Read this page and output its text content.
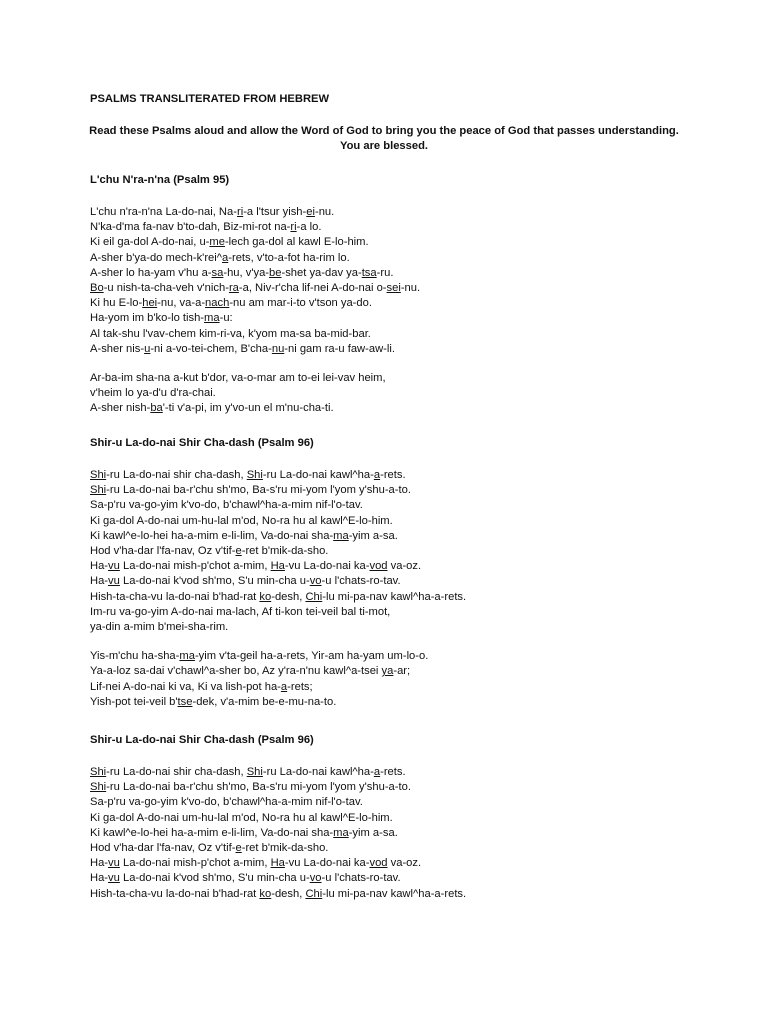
PSALMS TRANSLITERATED FROM HEBREW
Read these Psalms aloud and allow the Word of God to bring you the peace of God that passes understanding.
You are blessed.
L'chu N'ra-n'na (Psalm 95)
L'chu n'ra-n'na La-do-nai, Na-ri-a l'tsur yish-ei-nu.
N'ka-d'ma fa-nav b'to-dah, Biz-mi-rot na-ri-a lo.
Ki eil ga-dol A-do-nai, u-me-lech ga-dol al kawl E-lo-him.
A-sher b'ya-do mech-k'rei^a-rets, v'to-a-fot ha-rim lo.
A-sher lo ha-yam v'hu a-sa-hu, v'ya-be-shet ya-dav ya-tsa-ru.
Bo-u nish-ta-cha-veh v'nich-ra-a, Niv-r'cha lif-nei A-do-nai o-sei-nu.
Ki hu E-lo-hei-nu, va-a-nach-nu am mar-i-to v'tson ya-do.
Ha-yom im b'ko-lo tish-ma-u:
Al tak-shu l'vav-chem kim-ri-va, k'yom ma-sa ba-mid-bar.
A-sher nis-u-ni a-vo-tei-chem, B'cha-nu-ni gam ra-u faw-aw-li.
Ar-ba-im sha-na a-kut b'dor, va-o-mar am to-ei lei-vav heim,
v'heim lo ya-d'u d'ra-chai.
A-sher nish-ba'-ti v'a-pi, im y'vo-un el m'nu-cha-ti.
Shir-u La-do-nai Shir Cha-dash (Psalm 96)
Shi-ru La-do-nai shir cha-dash, Shi-ru La-do-nai kawl^ha-a-rets.
Shi-ru La-do-nai ba-r'chu sh'mo, Ba-s'ru mi-yom l'yom y'shu-a-to.
Sa-p'ru va-go-yim k'vo-do, b'chawl^ha-a-mim nif-l'o-tav.
Ki ga-dol A-do-nai um-hu-lal m'od, No-ra hu al kawl^E-lo-him.
Ki kawl^e-lo-hei ha-a-mim e-li-lim, Va-do-nai sha-ma-yim a-sa.
Hod v'ha-dar l'fa-nav, Oz v'tif-e-ret b'mik-da-sho.
Ha-vu La-do-nai mish-p'chot a-mim, Ha-vu La-do-nai ka-vod va-oz.
Ha-vu La-do-nai k'vod sh'mo, S'u min-cha u-vo-u l'chats-ro-tav.
Hish-ta-cha-vu la-do-nai b'had-rat ko-desh, Chi-lu mi-pa-nav kawl^ha-a-rets.
Im-ru va-go-yim A-do-nai ma-lach, Af ti-kon tei-veil bal ti-mot,
ya-din a-mim b'mei-sha-rim.
Yis-m'chu ha-sha-ma-yim v'ta-geil ha-a-rets, Yir-am ha-yam um-lo-o.
Ya-a-loz sa-dai v'chawl^a-sher bo, Az y'ra-n'nu kawl^a-tsei ya-ar;
Lif-nei A-do-nai ki va, Ki va lish-pot ha-a-rets;
Yish-pot tei-veil b'tse-dek, v'a-mim be-e-mu-na-to.
Shir-u La-do-nai Shir Cha-dash (Psalm 96)
Shi-ru La-do-nai shir cha-dash, Shi-ru La-do-nai kawl^ha-a-rets.
Shi-ru La-do-nai ba-r'chu sh'mo, Ba-s'ru mi-yom l'yom y'shu-a-to.
Sa-p'ru va-go-yim k'vo-do, b'chawl^ha-a-mim nif-l'o-tav.
Ki ga-dol A-do-nai um-hu-lal m'od, No-ra hu al kawl^E-lo-him.
Ki kawl^e-lo-hei ha-a-mim e-li-lim, Va-do-nai sha-ma-yim a-sa.
Hod v'ha-dar l'fa-nav, Oz v'tif-e-ret b'mik-da-sho.
Ha-vu La-do-nai mish-p'chot a-mim, Ha-vu La-do-nai ka-vod va-oz.
Ha-vu La-do-nai k'vod sh'mo, S'u min-cha u-vo-u l'chats-ro-tav.
Hish-ta-cha-vu la-do-nai b'had-rat ko-desh, Chi-lu mi-pa-nav kawl^ha-a-rets.
